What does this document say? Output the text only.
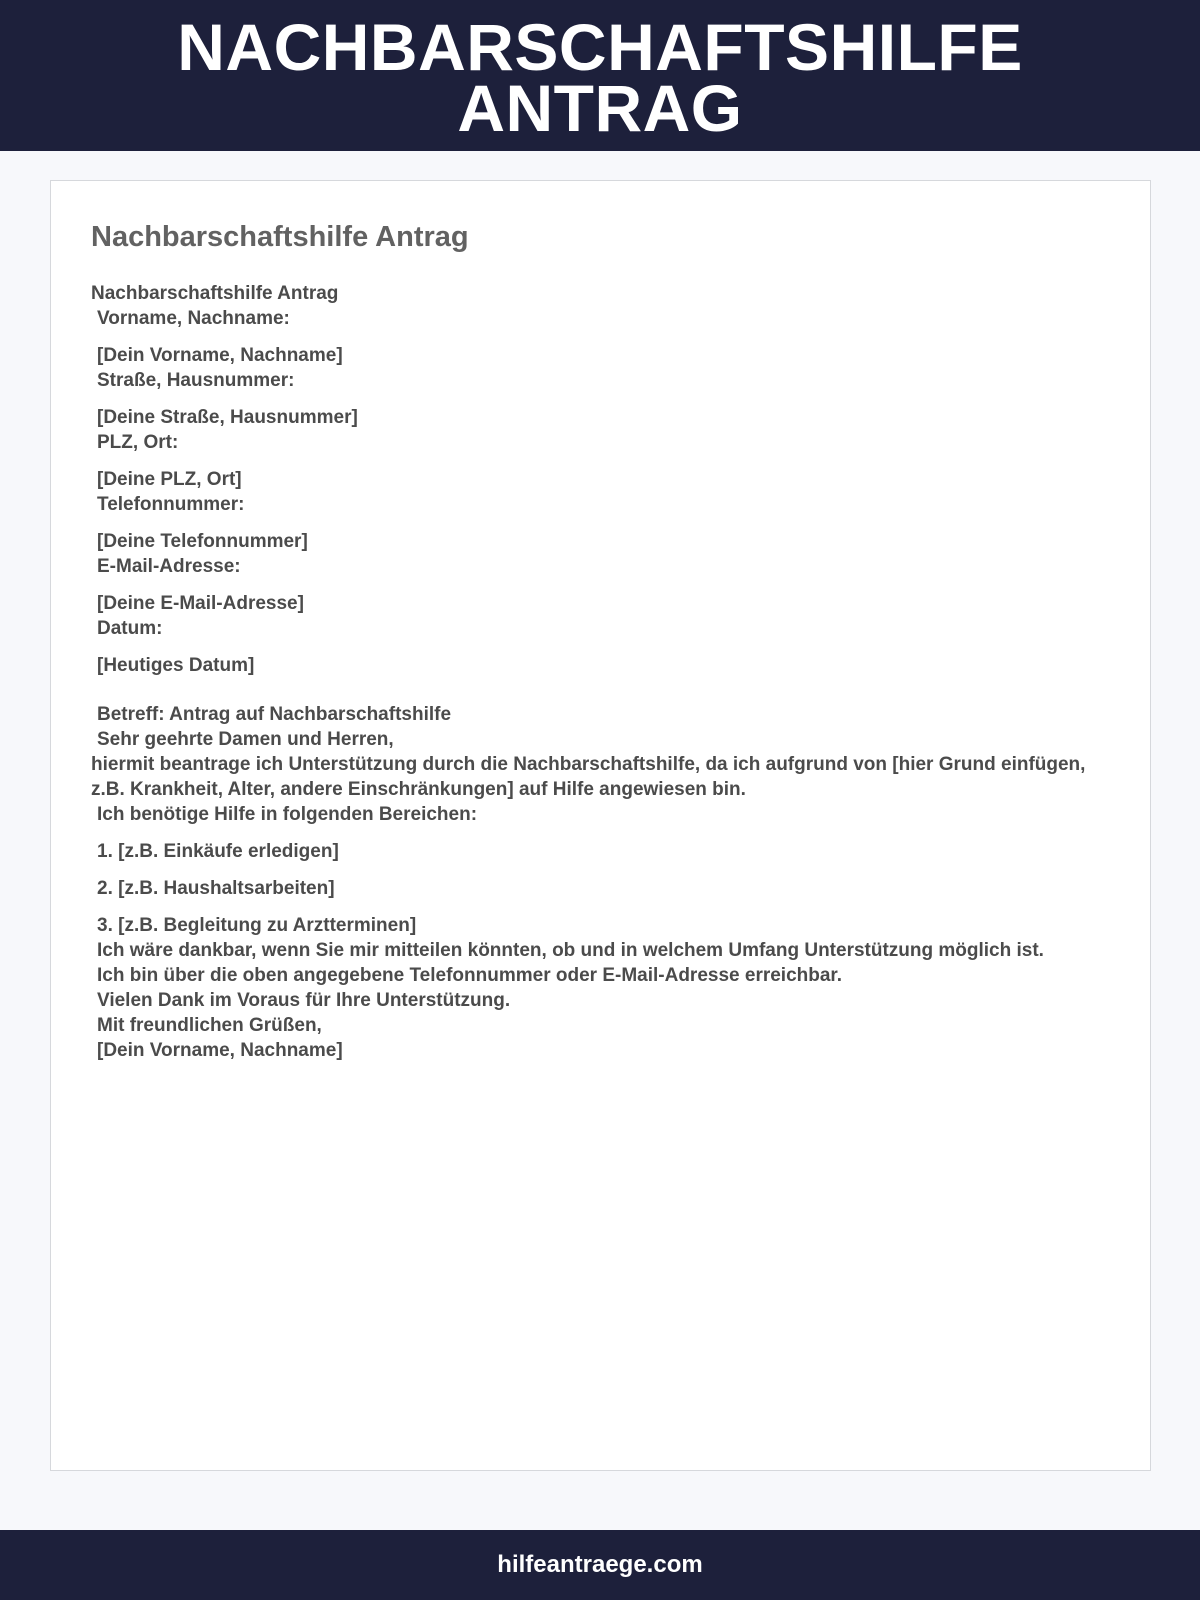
NACHBARSCHAFTSHILFE
ANTRAG
Nachbarschaftshilfe Antrag
Nachbarschaftshilfe Antrag
Vorname, Nachname:
[Dein Vorname, Nachname]
Straße, Hausnummer:
[Deine Straße, Hausnummer]
PLZ, Ort:
[Deine PLZ, Ort]
Telefonnummer:
[Deine Telefonnummer]
E-Mail-Adresse:
[Deine E-Mail-Adresse]
Datum:
[Heutiges Datum]
Betreff: Antrag auf Nachbarschaftshilfe
Sehr geehrte Damen und Herren,
hiermit beantrage ich Unterstützung durch die Nachbarschaftshilfe, da ich aufgrund von [hier Grund einfügen, z.B. Krankheit, Alter, andere Einschränkungen] auf Hilfe angewiesen bin.
Ich benötige Hilfe in folgenden Bereichen:
1. [z.B. Einkäufe erledigen]
2. [z.B. Haushaltsarbeiten]
3. [z.B. Begleitung zu Arztterminen]
Ich wäre dankbar, wenn Sie mir mitteilen könnten, ob und in welchem Umfang Unterstützung möglich ist.
Ich bin über die oben angegebene Telefonnummer oder E-Mail-Adresse erreichbar.
Vielen Dank im Voraus für Ihre Unterstützung.
Mit freundlichen Grüßen,
[Dein Vorname, Nachname]
hilfeantraege.com
